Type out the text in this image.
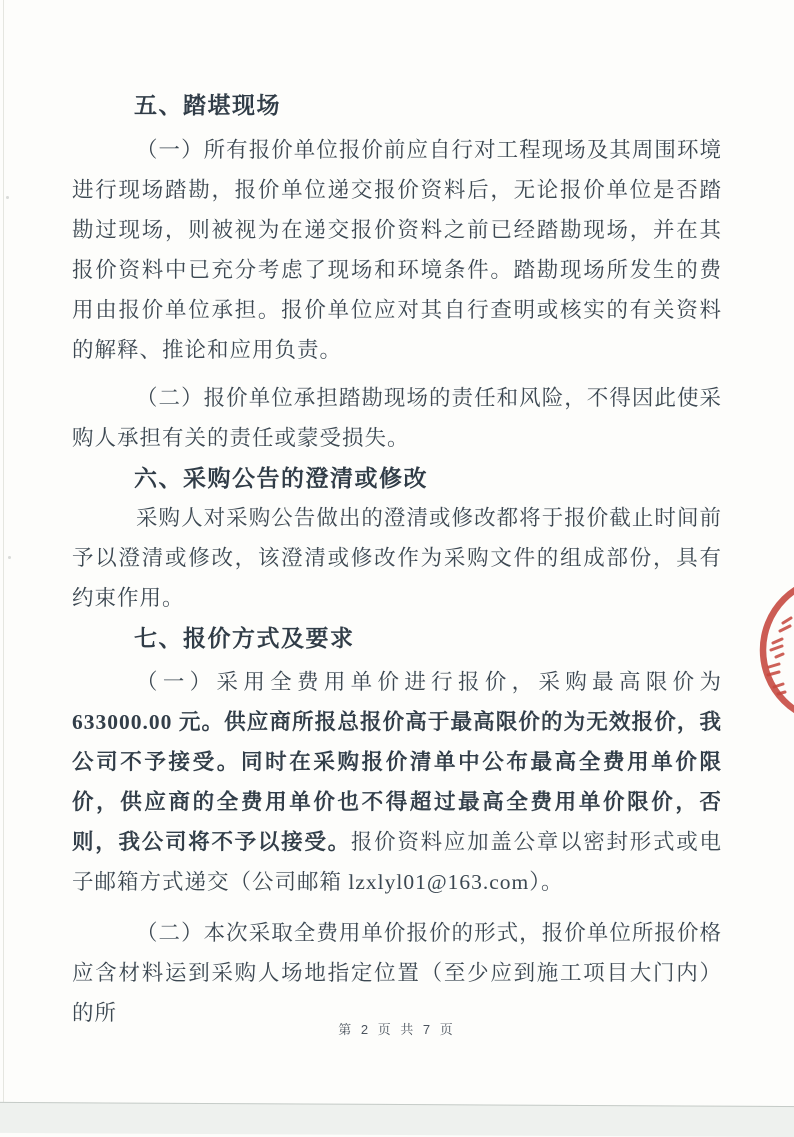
五、踏堪现场

（一）所有报价单位报价前应自行对工程现场及其周围环境进行现场踏勘，报价单位递交报价资料后，无论报价单位是否踏勘过现场，则被视为在递交报价资料之前已经踏勘现场，并在其报价资料中已充分考虑了现场和环境条件。踏勘现场所发生的费用由报价单位承担。报价单位应对其自行查明或核实的有关资料的解释、推论和应用负责。

（二）报价单位承担踏勘现场的责任和风险，不得因此使采购人承担有关的责任或蒙受损失。

六、采购公告的澄清或修改

采购人对采购公告做出的澄清或修改都将于报价截止时间前予以澄清或修改，该澄清或修改作为采购文件的组成部份，具有约束作用。

七、报价方式及要求

（一）采用全费用单价进行报价，采购最高限价为 633000.00 元。供应商所报总报价高于最高限价的为无效报价，我公司不予接受。同时在采购报价清单中公布最高全费用单价限价，供应商的全费用单价也不得超过最高全费用单价限价，否则，我公司将不予以接受。报价资料应加盖公章以密封形式或电子邮箱方式递交（公司邮箱 lzxlyl01@163.com）。

（二）本次采取全费用单价报价的形式，报价单位所报价格应含材料运到采购人场地指定位置（至少应到施工项目大门内）的所

第 2 页 共 7 页
